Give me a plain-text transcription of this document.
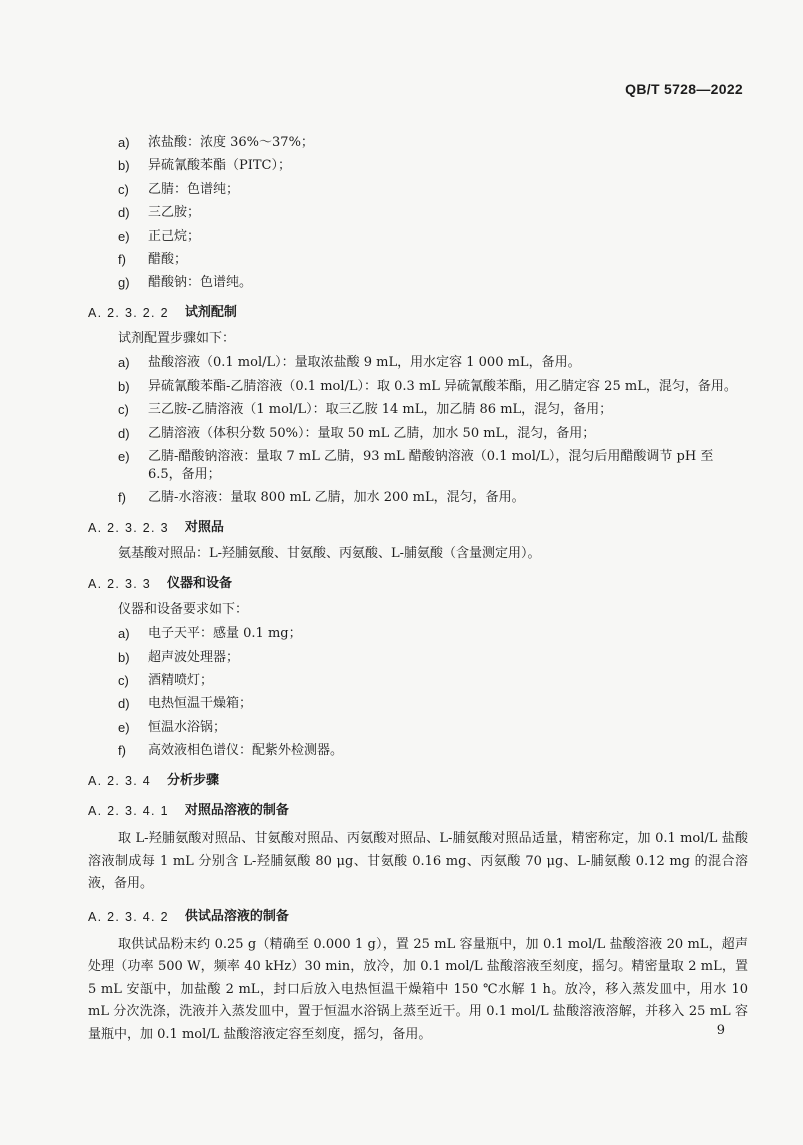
QB/T 5728—2022
a) 浓盐酸：浓度 36%～37%；
b) 异硫氰酸苯酯（PITC）；
c) 乙腈：色谱纯；
d) 三乙胺；
e) 正己烷；
f) 醋酸；
g) 醋酸钠：色谱纯。
A. 2. 3. 2. 2 试剂配制
试剂配置步骤如下：
a) 盐酸溶液（0.1 mol/L）：量取浓盐酸 9 mL，用水定容 1 000 mL，备用。
b) 异硫氰酸苯酯-乙腈溶液（0.1 mol/L）：取 0.3 mL 异硫氰酸苯酯，用乙腈定容 25 mL，混匀，备用。
c) 三乙胺-乙腈溶液（1 mol/L）：取三乙胺 14 mL，加乙腈 86 mL，混匀，备用；
d) 乙腈溶液（体积分数 50%）：量取 50 mL 乙腈，加水 50 mL，混匀，备用；
e) 乙腈-醋酸钠溶液：量取 7 mL 乙腈，93 mL 醋酸钠溶液（0.1 mol/L），混匀后用醋酸调节 pH 至 6.5，备用；
f) 乙腈-水溶液：量取 800 mL 乙腈，加水 200 mL，混匀，备用。
A. 2. 3. 2. 3 对照品
氨基酸对照品：L-羟脯氨酸、甘氨酸、丙氨酸、L-脯氨酸（含量测定用）。
A. 2. 3. 3 仪器和设备
仪器和设备要求如下：
a) 电子天平：感量 0.1 mg；
b) 超声波处理器；
c) 酒精喷灯；
d) 电热恒温干燥箱；
e) 恒温水浴锅；
f) 高效液相色谱仪：配紫外检测器。
A. 2. 3. 4 分析步骤
A. 2. 3. 4. 1 对照品溶液的制备
取 L-羟脯氨酸对照品、甘氨酸对照品、丙氨酸对照品、L-脯氨酸对照品适量，精密称定，加 0.1 mol/L 盐酸溶液制成每 1 mL 分别含 L-羟脯氨酸 80 μg、甘氨酸 0.16 mg、丙氨酸 70 μg、L-脯氨酸 0.12 mg 的混合溶液，备用。
A. 2. 3. 4. 2 供试品溶液的制备
取供试品粉末约 0.25 g（精确至 0.000 1 g），置 25 mL 容量瓶中，加 0.1 mol/L 盐酸溶液 20 mL，超声处理（功率 500 W，频率 40 kHz）30 min，放冷，加 0.1 mol/L 盐酸溶液至刻度，摇匀。精密量取 2 mL，置 5 mL 安瓿中，加盐酸 2 mL，封口后放入电热恒温干燥箱中 150 ℃水解 1 h。放冷，移入蒸发皿中，用水 10 mL 分次洗涤，洗液并入蒸发皿中，置于恒温水浴锅上蒸至近干。用 0.1 mol/L 盐酸溶液溶解，并移入 25 mL 容量瓶中，加 0.1 mol/L 盐酸溶液定容至刻度，摇匀，备用。	9
